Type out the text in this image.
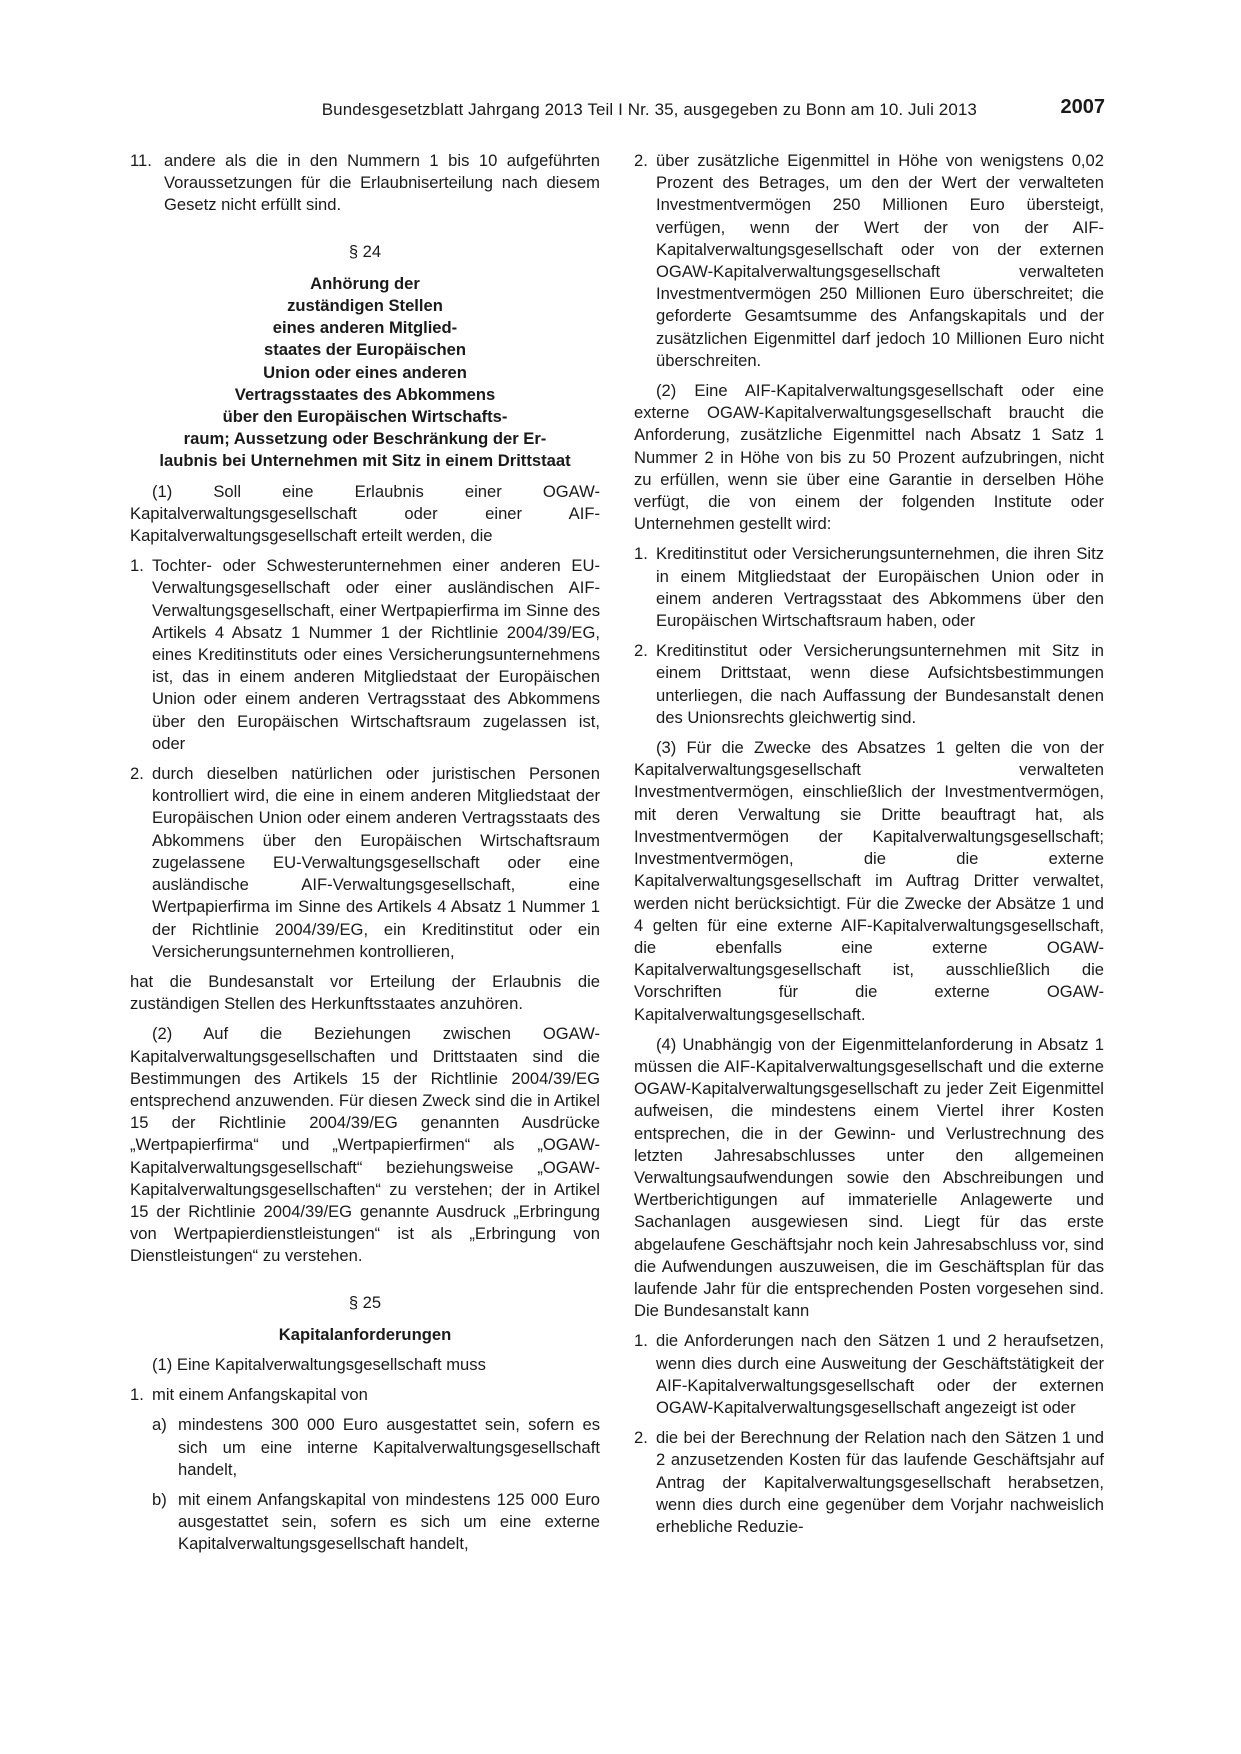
Bundesgesetzblatt Jahrgang 2013 Teil I Nr. 35, ausgegeben zu Bonn am 10. Juli 2013	2007
11. andere als die in den Nummern 1 bis 10 aufgeführten Voraussetzungen für die Erlaubniserteilung nach diesem Gesetz nicht erfüllt sind.
§ 24
Anhörung der
zuständigen Stellen
eines anderen Mitglied-
staates der Europäischen
Union oder eines anderen
Vertragsstaates des Abkommens
über den Europäischen Wirtschafts-
raum; Aussetzung oder Beschränkung der Er-
laubnis bei Unternehmen mit Sitz in einem Drittstaat

(1) Soll eine Erlaubnis einer OGAW-Kapitalverwaltungsgesellschaft oder einer AIF-Kapitalverwaltungsgesellschaft erteilt werden, die

1. Tochter- oder Schwesterunternehmen einer anderen EU-Verwaltungsgesellschaft oder einer ausländischen AIF-Verwaltungsgesellschaft, einer Wertpapierfirma im Sinne des Artikels 4 Absatz 1 Nummer 1 der Richtlinie 2004/39/EG, eines Kreditinstituts oder eines Versicherungsunternehmens ist, das in einem anderen Mitgliedstaat der Europäischen Union oder einem anderen Vertragsstaat des Abkommens über den Europäischen Wirtschaftsraum zugelassen ist, oder
2. durch dieselben natürlichen oder juristischen Personen kontrolliert wird, die eine in einem anderen Mitgliedstaat der Europäischen Union oder einem anderen Vertragsstaats des Abkommens über den Europäischen Wirtschaftsraum zugelassene EU-Verwaltungsgesellschaft oder eine ausländische AIF-Verwaltungsgesellschaft, eine Wertpapierfirma im Sinne des Artikels 4 Absatz 1 Nummer 1 der Richtlinie 2004/39/EG, ein Kreditinstitut oder ein Versicherungsunternehmen kontrollieren,

hat die Bundesanstalt vor Erteilung der Erlaubnis die zuständigen Stellen des Herkunftsstaates anzuhören.

(2) Auf die Beziehungen zwischen OGAW-Kapitalverwaltungsgesellschaften und Drittstaaten sind die Bestimmungen des Artikels 15 der Richtlinie 2004/39/EG entsprechend anzuwenden. Für diesen Zweck sind die in Artikel 15 der Richtlinie 2004/39/EG genannten Ausdrücke „Wertpapierfirma“ und „Wertpapierfirmen“ als „OGAW-Kapitalverwaltungsgesellschaft“ beziehungsweise „OGAW-Kapitalverwaltungsgesellschaften“ zu verstehen; der in Artikel 15 der Richtlinie 2004/39/EG genannte Ausdruck „Erbringung von Wertpapierdienstleistungen“ ist als „Erbringung von Dienstleistungen“ zu verstehen.

§ 25
Kapitalanforderungen

(1) Eine Kapitalverwaltungsgesellschaft muss

1. mit einem Anfangskapital von
a) mindestens 300 000 Euro ausgestattet sein, sofern es sich um eine interne Kapitalverwaltungsgesellschaft handelt,
b) mit einem Anfangskapital von mindestens 125 000 Euro ausgestattet sein, sofern es sich um eine externe Kapitalverwaltungsgesellschaft handelt,
2. über zusätzliche Eigenmittel in Höhe von wenigstens 0,02 Prozent des Betrages, um den der Wert der verwalteten Investmentvermögen 250 Millionen Euro übersteigt, verfügen, wenn der Wert der von der AIF-Kapitalverwaltungsgesellschaft oder von der externen OGAW-Kapitalverwaltungsgesellschaft verwalteten Investmentvermögen 250 Millionen Euro überschreitet; die geforderte Gesamtsumme des Anfangskapitals und der zusätzlichen Eigenmittel darf jedoch 10 Millionen Euro nicht überschreiten.

(2) Eine AIF-Kapitalverwaltungsgesellschaft oder eine externe OGAW-Kapitalverwaltungsgesellschaft braucht die Anforderung, zusätzliche Eigenmittel nach Absatz 1 Satz 1 Nummer 2 in Höhe von bis zu 50 Prozent aufzubringen, nicht zu erfüllen, wenn sie über eine Garantie in derselben Höhe verfügt, die von einem der folgenden Institute oder Unternehmen gestellt wird:

1. Kreditinstitut oder Versicherungsunternehmen, die ihren Sitz in einem Mitgliedstaat der Europäischen Union oder in einem anderen Vertragsstaat des Abkommens über den Europäischen Wirtschaftsraum haben, oder
2. Kreditinstitut oder Versicherungsunternehmen mit Sitz in einem Drittstaat, wenn diese Aufsichtsbestimmungen unterliegen, die nach Auffassung der Bundesanstalt denen des Unionsrechts gleichwertig sind.

(3) Für die Zwecke des Absatzes 1 gelten die von der Kapitalverwaltungsgesellschaft verwalteten Investmentvermögen, einschließlich der Investmentvermögen, mit deren Verwaltung sie Dritte beauftragt hat, als Investmentvermögen der Kapitalverwaltungsgesellschaft; Investmentvermögen, die die externe Kapitalverwaltungsgesellschaft im Auftrag Dritter verwaltet, werden nicht berücksichtigt. Für die Zwecke der Absätze 1 und 4 gelten für eine externe AIF-Kapitalverwaltungsgesellschaft, die ebenfalls eine externe OGAW-Kapitalverwaltungsgesellschaft ist, ausschließlich die Vorschriften für die externe OGAW-Kapitalverwaltungsgesellschaft.

(4) Unabhängig von der Eigenmittelanforderung in Absatz 1 müssen die AIF-Kapitalverwaltungsgesellschaft und die externe OGAW-Kapitalverwaltungsgesellschaft zu jeder Zeit Eigenmittel aufweisen, die mindestens einem Viertel ihrer Kosten entsprechen, die in der Gewinn- und Verlustrechnung des letzten Jahresabschlusses unter den allgemeinen Verwaltungsaufwendungen sowie den Abschreibungen und Wertberichtigungen auf immaterielle Anlagewerte und Sachanlagen ausgewiesen sind. Liegt für das erste abgelaufene Geschäftsjahr noch kein Jahresabschluss vor, sind die Aufwendungen auszuweisen, die im Geschäftsplan für das laufende Jahr für die entsprechenden Posten vorgesehen sind. Die Bundesanstalt kann

1. die Anforderungen nach den Sätzen 1 und 2 heraufsetzen, wenn dies durch eine Ausweitung der Geschäftstätigkeit der AIF-Kapitalverwaltungsgesellschaft oder der externen OGAW-Kapitalverwaltungsgesellschaft angezeigt ist oder
2. die bei der Berechnung der Relation nach den Sätzen 1 und 2 anzusetzenden Kosten für das laufende Geschäftsjahr auf Antrag der Kapitalverwaltungsgesellschaft herabsetzen, wenn dies durch eine gegenüber dem Vorjahr nachweislich erhebliche Reduzie-
